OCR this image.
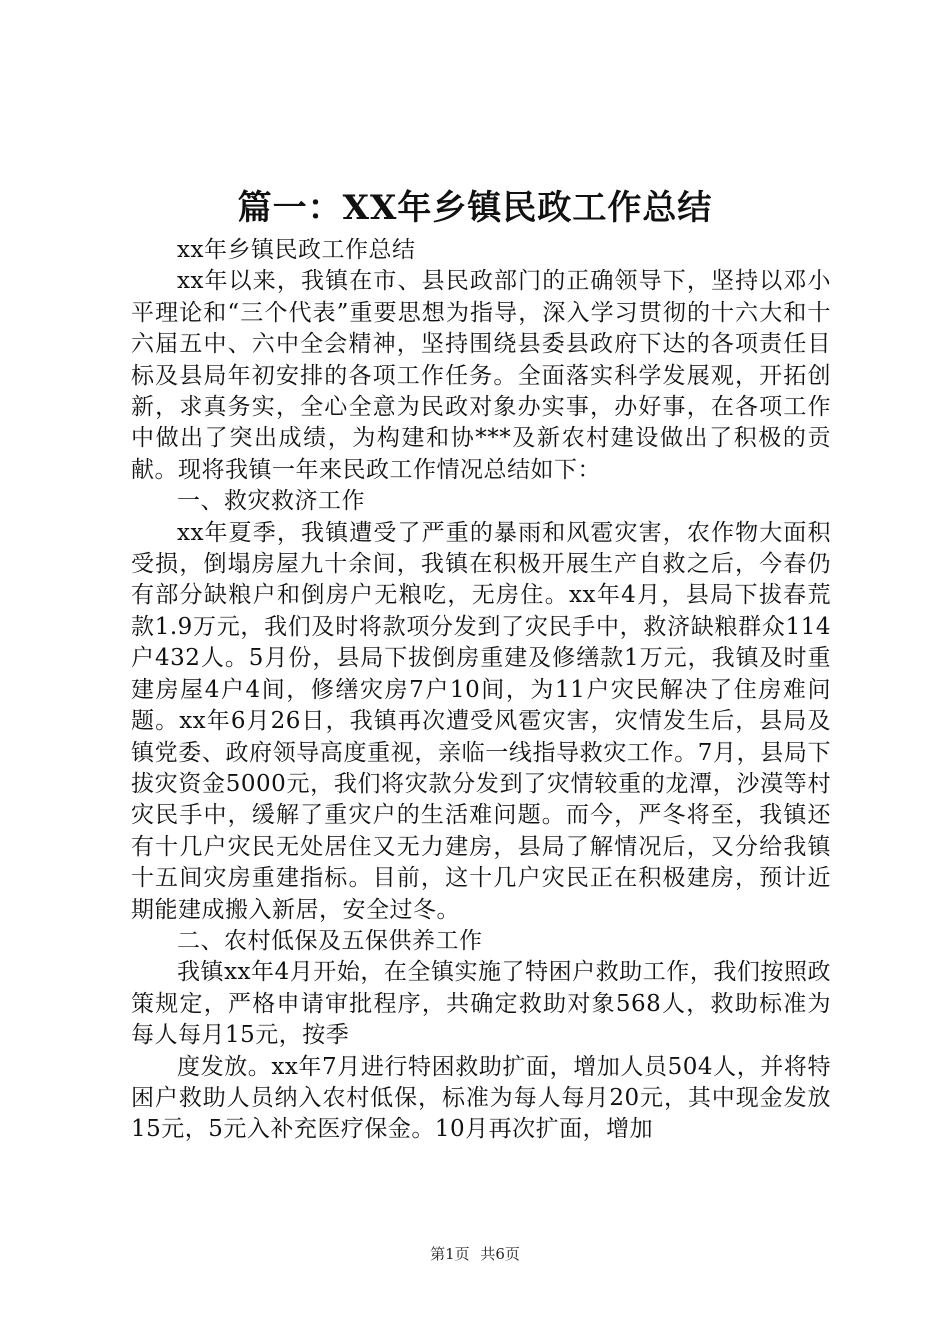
篇一：XX年乡镇民政工作总结

xx年乡镇民政工作总结

xx年以来，我镇在市、县民政部门的正确领导下，坚持以邓小平理论和“三个代表”重要思想为指导，深入学习贯彻的十六大和十六届五中、六中全会精神，坚持围绕县委县政府下达的各项责任目标及县局年初安排的各项工作任务。全面落实科学发展观，开拓创新，求真务实，全心全意为民政对象办实事，办好事，在各项工作中做出了突出成绩，为构建和协***及新农村建设做出了积极的贡献。现将我镇一年来民政工作情况总结如下：

一、救灾救济工作

xx年夏季，我镇遭受了严重的暴雨和风雹灾害，农作物大面积受损，倒塌房屋九十余间，我镇在积极开展生产自救之后，今春仍有部分缺粮户和倒房户无粮吃，无房住。xx年4月，县局下拔春荒款1.9万元，我们及时将款项分发到了灾民手中，救济缺粮群众114户432人。5月份，县局下拔倒房重建及修缮款1万元，我镇及时重建房屋4户4间，修缮灾房7户10间，为11户灾民解决了住房难问题。xx年6月26日，我镇再次遭受风雹灾害，灾情发生后，县局及镇党委、政府领导高度重视，亲临一线指导救灾工作。7月，县局下拔灾资金5000元，我们将灾款分发到了灾情较重的龙潭，沙漠等村灾民手中，缓解了重灾户的生活难问题。而今，严冬将至，我镇还有十几户灾民无处居住又无力建房，县局了解情况后，又分给我镇十五间灾房重建指标。目前，这十几户灾民正在积极建房，预计近期能建成搬入新居，安全过冬。

二、农村低保及五保供养工作

我镇xx年4月开始，在全镇实施了特困户救助工作，我们按照政策规定，严格申请审批程序，共确定救助对象568人，救助标准为每人每月15元，按季

度发放。xx年7月进行特困救助扩面，增加人员504人，并将特困户救助人员纳入农村低保，标准为每人每月20元，其中现金发放15元，5元入补充医疗保金。10月再次扩面，增加

第1页 共6页
